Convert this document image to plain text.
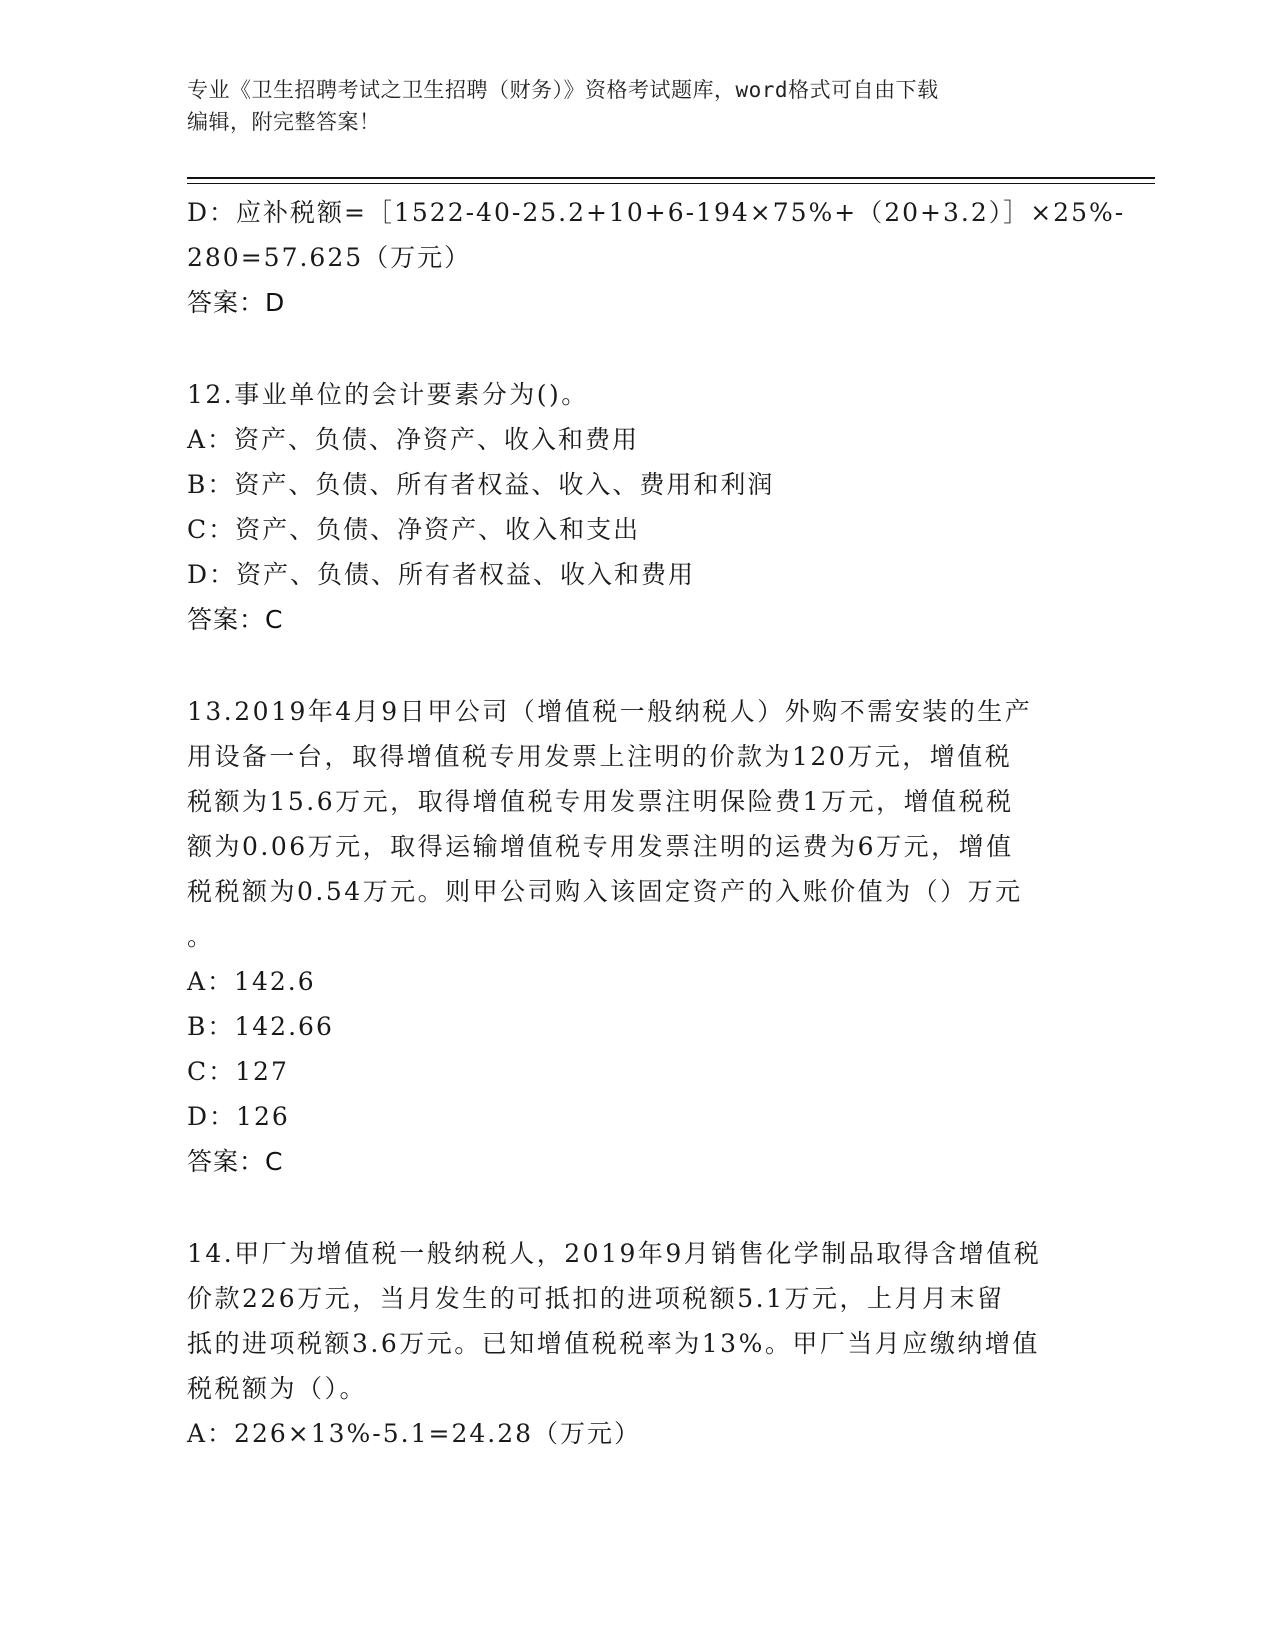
专业《卫生招聘考试之卫生招聘（财务）》资格考试题库，word格式可自由下载
编辑，附完整答案！
D：应补税额=［1522-40-25.2+10+6-194×75%+（20+3.2）］×25%-
280=57.625（万元）
答案：D
12.事业单位的会计要素分为()。
A：资产、负债、净资产、收入和费用
B：资产、负债、所有者权益、收入、费用和利润
C：资产、负债、净资产、收入和支出
D：资产、负债、所有者权益、收入和费用
答案：C
13.2019年4月9日甲公司（增值税一般纳税人）外购不需安装的生产
用设备一台，取得增值税专用发票上注明的价款为120万元，增值税
税额为15.6万元，取得增值税专用发票注明保险费1万元，增值税税
额为0.06万元，取得运输增值税专用发票注明的运费为6万元，增值
税税额为0.54万元。则甲公司购入该固定资产的入账价值为（）万元
。
A：142.6
B：142.66
C：127
D：126
答案：C
14.甲厂为增值税一般纳税人，2019年9月销售化学制品取得含增值税
价款226万元，当月发生的可抵扣的进项税额5.1万元，上月月末留
抵的进项税额3.6万元。已知增值税税率为13%。甲厂当月应缴纳增值
税税额为（）。
A：226×13%-5.1=24.28（万元）
